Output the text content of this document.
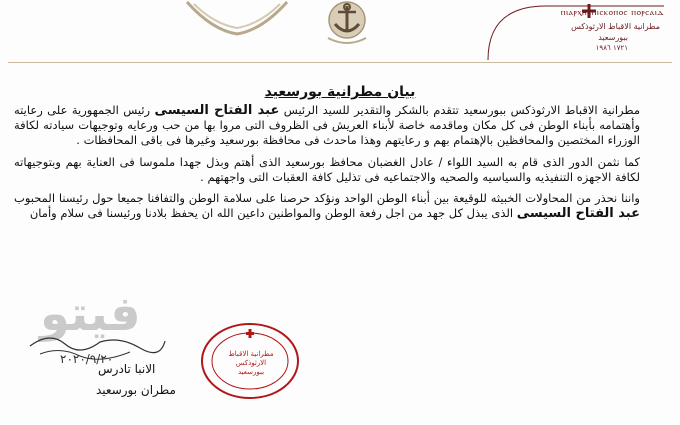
ⲡⲓⲁⲣⲭⲏⲉⲡⲓⲥⲕⲟⲡⲟⲥ ⲡⲟⲣⲥⲁⲓⲇ
مطرانية الاقباط الارثوذكس
ببورسعيد
١٧٢١ ١٩٨٦
بيان مطرانية بورسعيد

مطرانية الاقباط الارثوذكس ببورسعيد تتقدم بالشكر والتقدير للسيد الرئيس عبد الفتاح السيسى رئيس الجمهورية على رعايته وأهتمامه بأبناء الوطن فى كل مكان وماقدمه خاصة لأبناء العريش فى الظروف التى مروا بها من حب ورعايه وتوجيهات سيادته لكافة الوزراء المختصين والمحافظين بالإهتمام بهم و رعايتهم وهذا ماحدث فى محافظة بورسعيد وغيرها فى باقى المحافظات .

كما نثمن الدور الذى قام به السيد اللواء / عادل الغضبان محافظ بورسعيد الذى أهتم وبذل جهدا ملموسا فى العناية بهم وبتوجيهاته لكافة الاجهزه التنفيذيه والسياسيه والصحيه والاجتماعيه فى تذليل كافة العقبات التى واجهتهم .

واننا نحذر من المحاولات الخبيثه للوقيعة بين أبناء الوطن الواحد ونؤكد حرصنا على سلامة الوطن والتفافنا جميعا حول رئيسنا المحبوب عبد الفتاح السيسى الذى يبذل كل جهد من اجل رفعة الوطن والمواطنين داعين الله ان يحفظ بلادنا ورئيسنا فى سلام وأمان

فيتو
٢٠٢٠/٩/٢٠
الانبا تادرس
مطران بورسعيد
مطرانية الاقباط الارثوذكس
ببورسعيد
